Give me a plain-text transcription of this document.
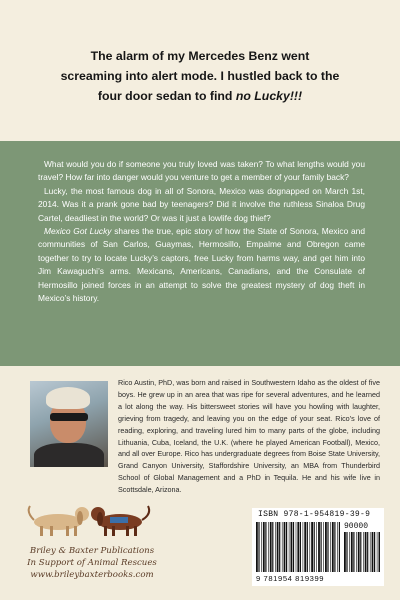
The alarm of my Mercedes Benz went
screaming into alert mode. I hustled back to the
four door sedan to find no Lucky!!!

What would you do if someone you truly loved was taken? To what lengths would you travel? How far into danger would you venture to get a member of your family back?

Lucky, the most famous dog in all of Sonora, Mexico was dognapped on March 1st, 2014. Was it a prank gone bad by teenagers? Did it involve the ruthless Sinaloa Drug Cartel, deadliest in the world? Or was it just a lowlife dog thief?

Mexico Got Lucky shares the true, epic story of how the State of Sonora, Mexico and communities of San Carlos, Guaymas, Hermosillo, Empalme and Obregon came together to try to locate Lucky’s captors, free Lucky from harms way, and get him into Jim Kawaguchi’s arms. Mexicans, Americans, Canadians, and the Consulate of Hermosillo joined forces in an attempt to solve the greatest mystery of dog theft in Mexico’s history.

Rico Austin, PhD, was born and raised in Southwestern Idaho as the oldest of five boys. He grew up in an area that was ripe for several adventures, and he learned a lot along the way. His bittersweet stories will have you howling with laughter, grieving from tragedy, and leaving you on the edge of your seat. Rico’s love of reading, exploring, and traveling lured him to many parts of the globe, including Lithuania, Cuba, Iceland, the U.K. (where he played American Football), Mexico, and all over Europe. Rico has undergraduate degrees from Boise State University, Grand Canyon University, Staffordshire University, an MBA from Thunderbird School of Global Management and a PhD in Tequila. He and his wife live in Scottsdale, Arizona.
Briley & Baxter Publications
In Support of Animal Rescues
www.brileybaxterbooks.com
ISBN 978-1-954819-39-9
90000
9 781954 819399
